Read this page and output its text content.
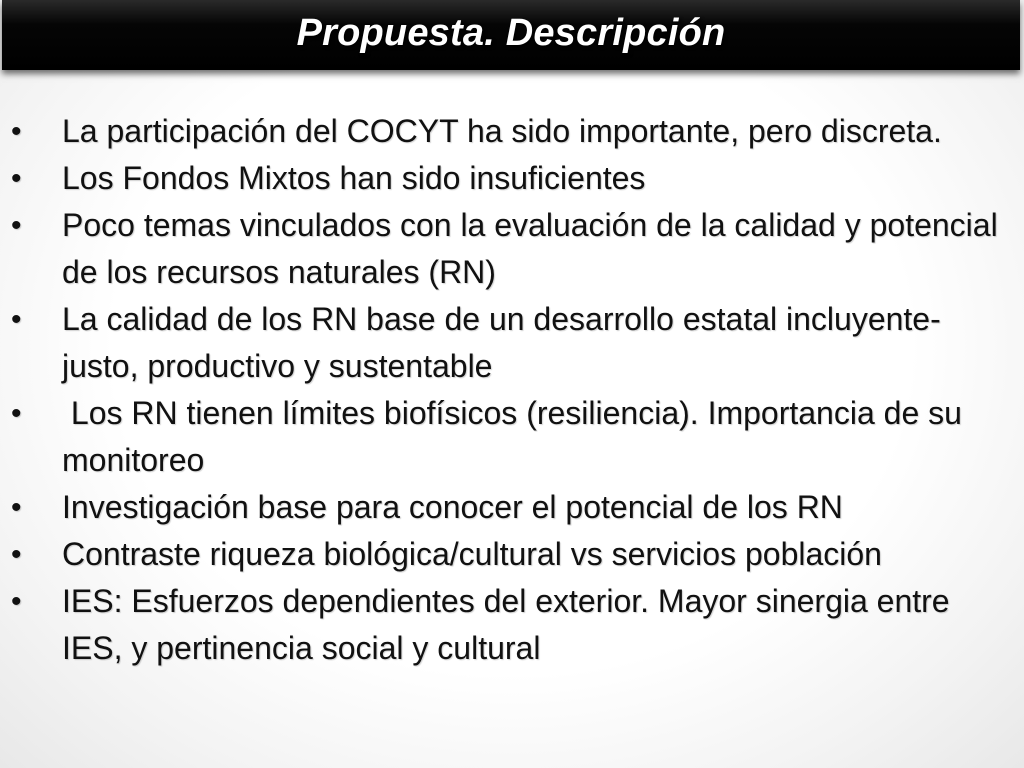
Propuesta. Descripción
• La participación del COCYT ha sido importante, pero discreta.
• Los Fondos Mixtos han sido insuficientes
• Poco temas vinculados con la evaluación de la calidad y potencial de los recursos naturales (RN)
• La calidad de los RN base de un desarrollo estatal incluyente-justo, productivo y sustentable
• Los RN tienen límites biofísicos (resiliencia). Importancia de su monitoreo
• Investigación base para conocer el potencial de los RN
• Contraste riqueza biológica/cultural vs servicios población
• IES: Esfuerzos dependientes del exterior. Mayor sinergia entre IES, y pertinencia social y cultural
